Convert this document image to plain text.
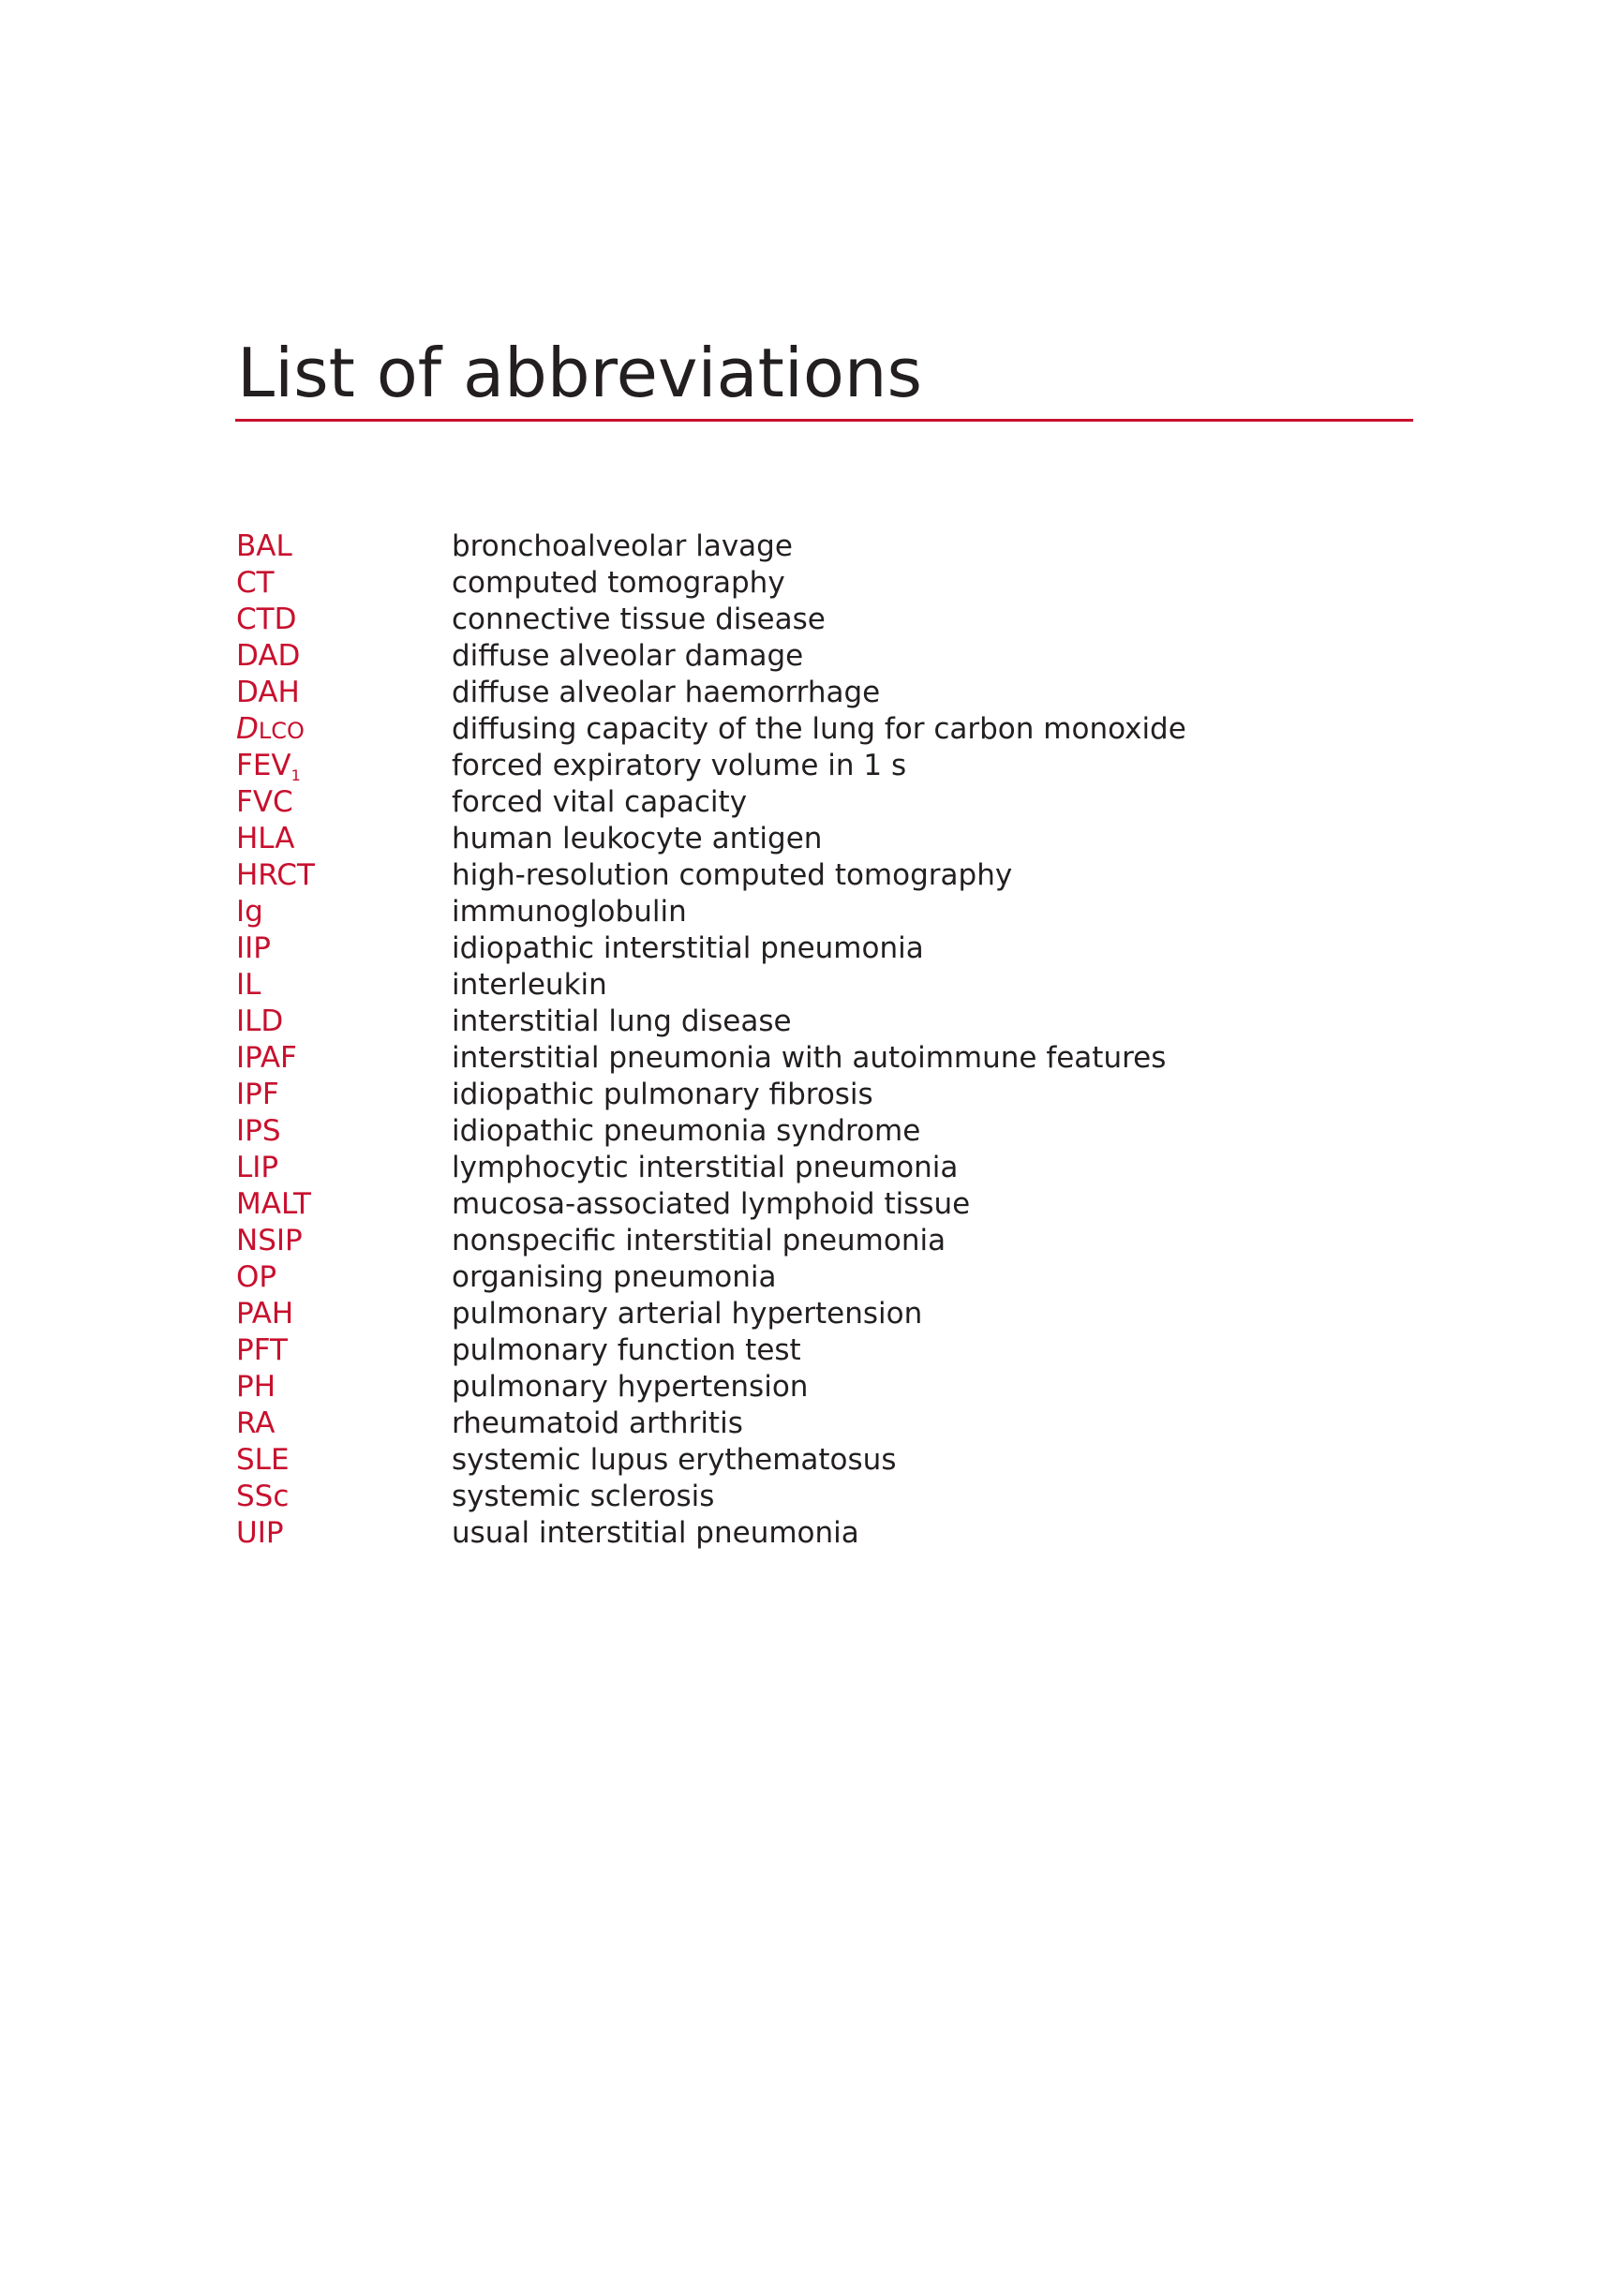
List of abbreviations
BAL	bronchoalveolar lavage
CT	computed tomography
CTD	connective tissue disease
DAD	diffuse alveolar damage
DAH	diffuse alveolar haemorrhage
DLCO	diffusing capacity of the lung for carbon monoxide
$FEV_1$	forced expiratory volume in 1 s
FVC	forced vital capacity
HLA	human leukocyte antigen
HRCT	high-resolution computed tomography
Ig	immunoglobulin
IIP	idiopathic interstitial pneumonia
IL	interleukin
ILD	interstitial lung disease
IPAF	interstitial pneumonia with autoimmune features
IPF	idiopathic pulmonary fibrosis
IPS	idiopathic pneumonia syndrome
LIP	lymphocytic interstitial pneumonia
MALT	mucosa-associated lymphoid tissue
NSIP	nonspecific interstitial pneumonia
OP	organising pneumonia
PAH	pulmonary arterial hypertension
PFT	pulmonary function test
PH	pulmonary hypertension
RA	rheumatoid arthritis
SLE	systemic lupus erythematosus
SSc	systemic sclerosis
UIP	usual interstitial pneumonia
